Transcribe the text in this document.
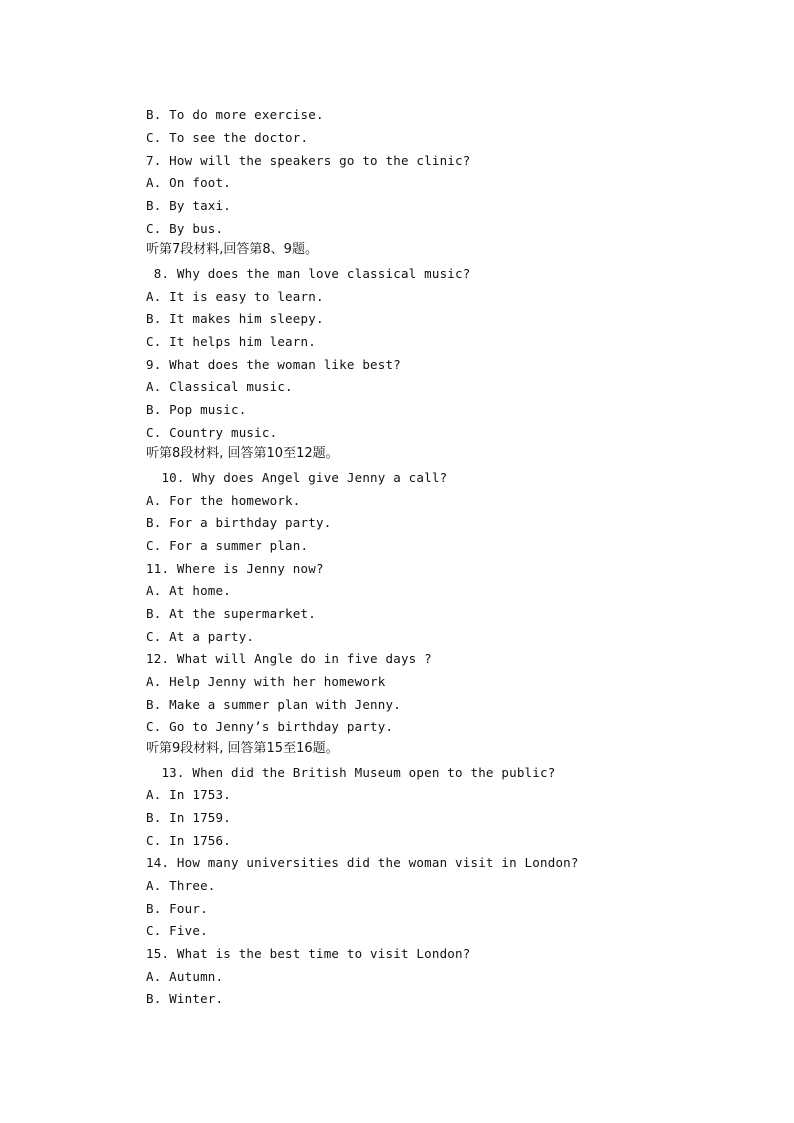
B. To do more exercise.
C. To see the doctor.
7. How will the speakers go to the clinic?
A. On foot.
B. By taxi.
C. By bus.
听第7段材料,回答第8、9题。
8. Why does the man love classical music?
A. It is easy to learn.
B. It makes him sleepy.
C. It helps him learn.
9. What does the woman like best?
A. Classical music.
B. Pop music.
C. Country music.
听第8段材料, 回答第10至12题。
10. Why does Angel give Jenny a call?
A. For the homework.
B. For a birthday party.
C. For a summer plan.
11. Where is Jenny now?
A. At home.
B. At the supermarket.
C. At a party.
12. What will Angle do in five days ?
A. Help Jenny with her homework
B. Make a summer plan with Jenny.
C. Go to Jenny’s birthday party.
听第9段材料, 回答第15至16题。
13. When did the British Museum open to the public?
A. In 1753.
B. In 1759.
C. In 1756.
14. How many universities did the woman visit in London?
A. Three.
B. Four.
C. Five.
15. What is the best time to visit London?
A. Autumn.
B. Winter.
